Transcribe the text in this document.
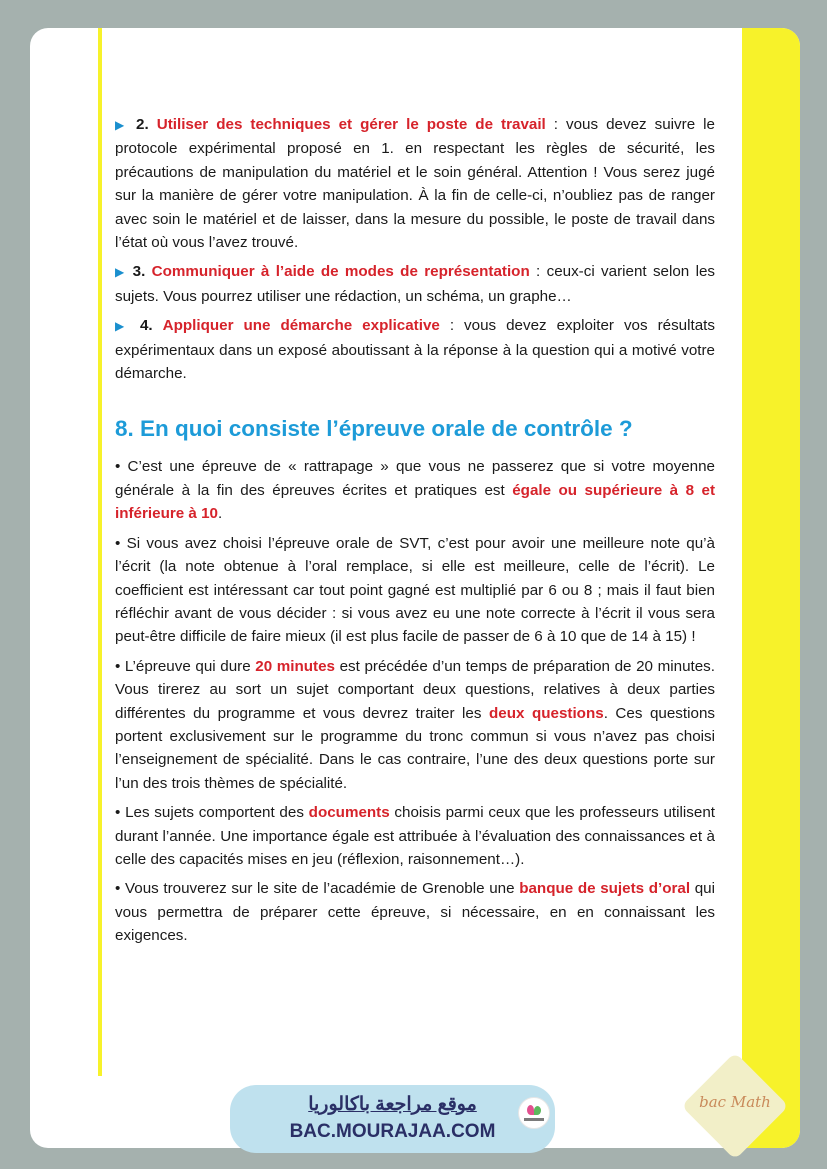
▶ 2. Utiliser des techniques et gérer le poste de travail : vous devez suivre le protocole expérimental proposé en 1. en respectant les règles de sécurité, les précautions de manipulation du matériel et le soin général. Attention ! Vous serez jugé sur la manière de gérer votre manipulation. À la fin de celle-ci, n’oubliez pas de ranger avec soin le matériel et de laisser, dans la mesure du possible, le poste de travail dans l’état où vous l’avez trouvé.

▶ 3. Communiquer à l’aide de modes de représentation : ceux-ci varient selon les sujets. Vous pourrez utiliser une rédaction, un schéma, un graphe…

▶ 4. Appliquer une démarche explicative : vous devez exploiter vos résultats expérimentaux dans un exposé aboutissant à la réponse à la question qui a motivé votre démarche.

8. En quoi consiste l’épreuve orale de contrôle ?

• C’est une épreuve de « rattrapage » que vous ne passerez que si votre moyenne générale à la fin des épreuves écrites et pratiques est égale ou supérieure à 8 et inférieure à 10.

• Si vous avez choisi l’épreuve orale de SVT, c’est pour avoir une meilleure note qu’à l’écrit (la note obtenue à l’oral remplace, si elle est meilleure, celle de l’écrit). Le coefficient est intéressant car tout point gagné est multiplié par 6 ou 8 ; mais il faut bien réfléchir avant de vous décider : si vous avez eu une note correcte à l’écrit il vous sera peut-être difficile de faire mieux (il est plus facile de passer de 6 à 10 que de 14 à 15) !

• L’épreuve qui dure 20 minutes est précédée d’un temps de préparation de 20 minutes. Vous tirerez au sort un sujet comportant deux questions, relatives à deux parties différentes du programme et vous devrez traiter les deux questions. Ces questions portent exclusivement sur le programme du tronc commun si vous n’avez pas choisi l’enseignement de spécialité. Dans le cas contraire, l’une des deux questions porte sur l’un des trois thèmes de spécialité.

• Les sujets comportent des documents choisis parmi ceux que les professeurs utilisent durant l’année. Une importance égale est attribuée à l’évaluation des connaissances et à celle des capacités mises en jeu (réflexion, raisonnement…).

• Vous trouverez sur le site de l’académie de Grenoble une banque de sujets d’oral qui vous permettra de préparer cette épreuve, si nécessaire, en en connaissant les exigences.

موقع مراجعة باكالوريا
BAC.MOURAJAA.COM
bac Math
